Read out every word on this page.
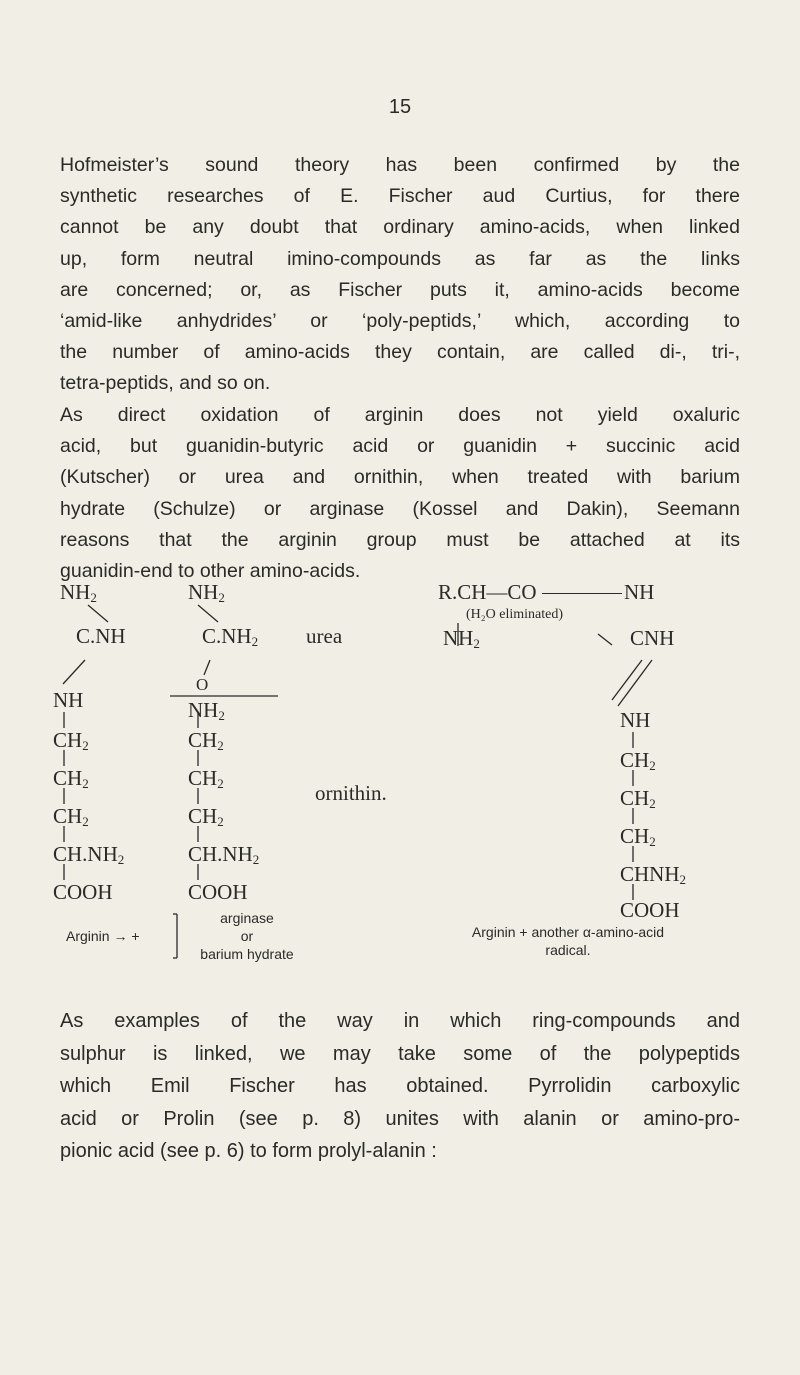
15
Hofmeister’s sound theory has been confirmed by the
synthetic researches of E. Fischer aud Curtius, for there
cannot be any doubt that ordinary amino-acids, when linked
up, form neutral imino-compounds as far as the links
are concerned; or, as Fischer puts it, amino-acids become
‘amid-like anhydrides’ or ‘poly-peptids,’ which, according to
the number of amino-acids they contain, are called di-, tri-,
tetra-peptids, and so on.
As direct oxidation of arginin does not yield oxaluric
acid, but guanidin-butyric acid or guanidin + succinic acid
(Kutscher) or urea and ornithin, when treated with barium
hydrate (Schulze) or arginase (Kossel and Dakin), Seemann
reasons that the arginin group must be attached at its
guanidin-end to other amino-acids.
$NH_2$
C.NH
NH
$CH_2$
$CH_2$
$CH_2$
$CH.NH_2$
COOH
$NH_2$
$C.NH_2$ urea
O
$NH_2$
$CH_2$
$CH_2$
$CH_2$
ornithin.
$CH.NH_2$
COOH
R.CH—CO	NH
(H₂O eliminated)
$NH_2$	CNH
NH
$CH_2$
$CH_2$
$CH_2$
$CHNH_2$
COOH
Arginin → +
arginase
or
barium hydrate
Arginin + another α-amino-acid
radical.
As examples of the way in which ring-compounds and
sulphur is linked, we may take some of the polypeptids
which Emil Fischer has obtained. Pyrrolidin carboxylic
acid or Prolin (see p. 8) unites with alanin or amino-pro-
pionic acid (see p. 6) to form prolyl-alanin :
